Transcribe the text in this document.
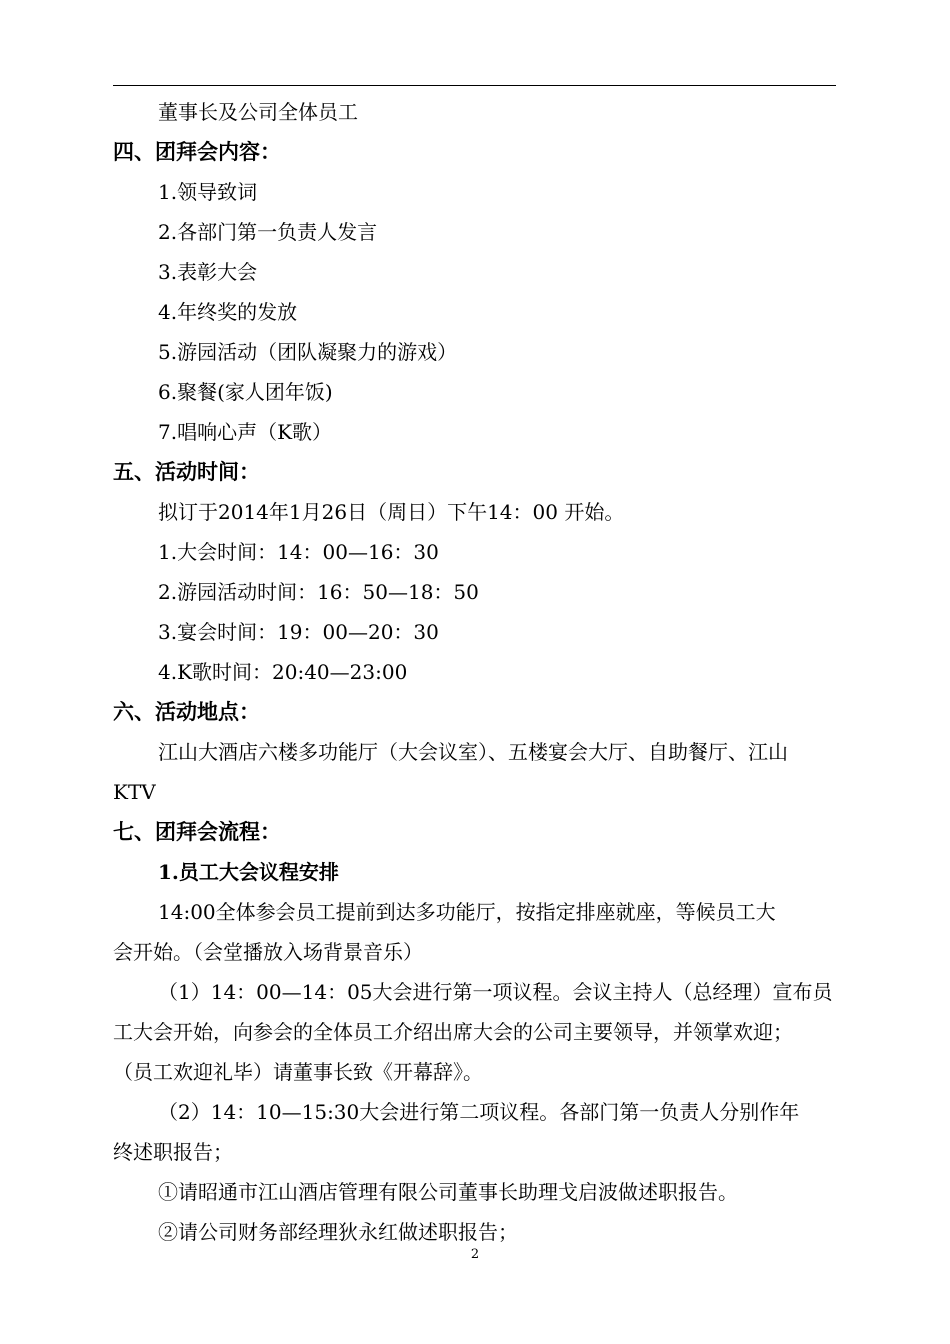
董事长及公司全体员工
四、团拜会内容：
1.领导致词
2.各部门第一负责人发言
3.表彰大会
4.年终奖的发放
5.游园活动（团队凝聚力的游戏）
6.聚餐(家人团年饭)
7.唱响心声（K歌）
五、活动时间：
拟订于2014年1月26日（周日）下午14：00 开始。
1.大会时间：14：00—16：30
2.游园活动时间：16：50—18：50
3.宴会时间：19：00—20：30
4.K歌时间：20:40—23:00
六、活动地点：
江山大酒店六楼多功能厅（大会议室）、五楼宴会大厅、自助餐厅、江山
KTV
七、团拜会流程：
1.员工大会议程安排
14:00全体参会员工提前到达多功能厅，按指定排座就座，等候员工大
会开始。（会堂播放入场背景音乐）
（1）14：00—14：05大会进行第一项议程。会议主持人（总经理）宣布员
工大会开始，向参会的全体员工介绍出席大会的公司主要领导，并领掌欢迎；
（员工欢迎礼毕）请董事长致《开幕辞》。
（2）14：10—15:30大会进行第二项议程。各部门第一负责人分别作年
终述职报告；
①请昭通市江山酒店管理有限公司董事长助理戈启波做述职报告。
②请公司财务部经理狄永红做述职报告；
2
